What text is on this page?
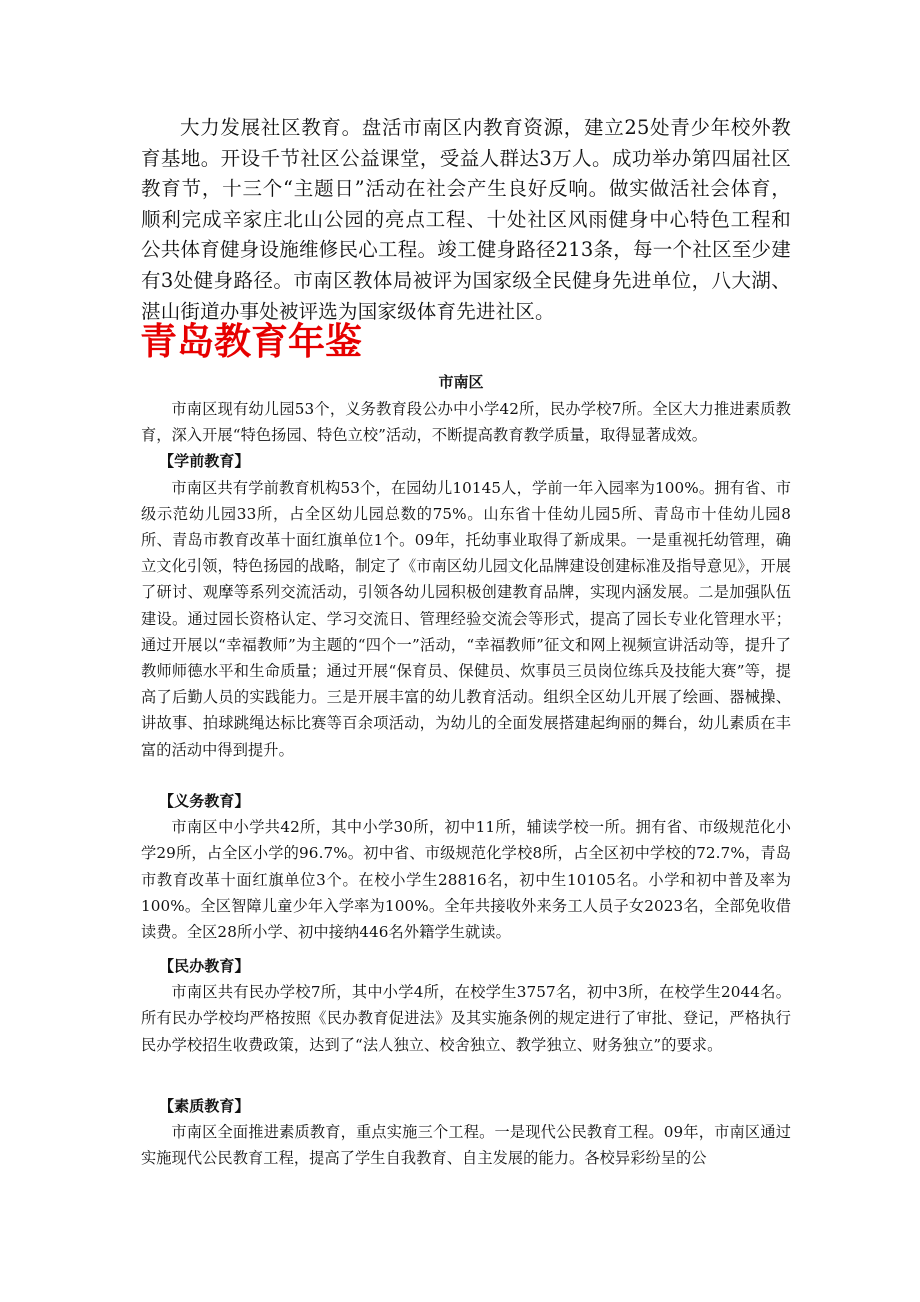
大力发展社区教育。盘活市南区内教育资源，建立25处青少年校外教育基地。开设千节社区公益课堂，受益人群达3万人。成功举办第四届社区教育节，十三个“主题日”活动在社会产生良好反响。做实做活社会体育，顺利完成辛家庄北山公园的亮点工程、十处社区风雨健身中心特色工程和公共体育健身设施维修民心工程。竣工健身路径213条，每一个社区至少建有3处健身路径。市南区教体局被评为国家级全民健身先进单位，八大湖、湛山街道办事处被评选为国家级体育先进社区。

青岛教育年鉴
市南区

市南区现有幼儿园53个，义务教育段公办中小学42所，民办学校7所。全区大力推进素质教育，深入开展“特色扬园、特色立校”活动，不断提高教育教学质量，取得显著成效。

【学前教育】

市南区共有学前教育机构53个，在园幼儿10145人，学前一年入园率为100%。拥有省、市级示范幼儿园33所，占全区幼儿园总数的75%。山东省十佳幼儿园5所、青岛市十佳幼儿园8所、青岛市教育改革十面红旗单位1个。09年，托幼事业取得了新成果。一是重视托幼管理，确立文化引领，特色扬园的战略，制定了《市南区幼儿园文化品牌建设创建标准及指导意见》，开展了研讨、观摩等系列交流活动，引领各幼儿园积极创建教育品牌，实现内涵发展。二是加强队伍建设。通过园长资格认定、学习交流日、管理经验交流会等形式，提高了园长专业化管理水平；通过开展以“幸福教师”为主题的“四个一”活动，“幸福教师”征文和网上视频宣讲活动等，提升了教师师德水平和生命质量；通过开展“保育员、保健员、炊事员三员岗位练兵及技能大赛”等，提高了后勤人员的实践能力。三是开展丰富的幼儿教育活动。组织全区幼儿开展了绘画、器械操、讲故事、拍球跳绳达标比赛等百余项活动，为幼儿的全面发展搭建起绚丽的舞台，幼儿素质在丰富的活动中得到提升。

【义务教育】

市南区中小学共42所，其中小学30所，初中11所，辅读学校一所。拥有省、市级规范化小学29所，占全区小学的96.7%。初中省、市级规范化学校8所，占全区初中学校的72.7%，青岛市教育改革十面红旗单位3个。在校小学生28816名，初中生10105名。小学和初中普及率为100%。全区智障儿童少年入学率为100%。全年共接收外来务工人员子女2023名，全部免收借读费。全区28所小学、初中接纳446名外籍学生就读。

【民办教育】

市南区共有民办学校7所，其中小学4所，在校学生3757名，初中3所，在校学生2044名。所有民办学校均严格按照《民办教育促进法》及其实施条例的规定进行了审批、登记，严格执行民办学校招生收费政策，达到了“法人独立、校舍独立、教学独立、财务独立”的要求。

【素质教育】

市南区全面推进素质教育，重点实施三个工程。一是现代公民教育工程。09年，市南区通过实施现代公民教育工程，提高了学生自我教育、自主发展的能力。各校异彩纷呈的公
